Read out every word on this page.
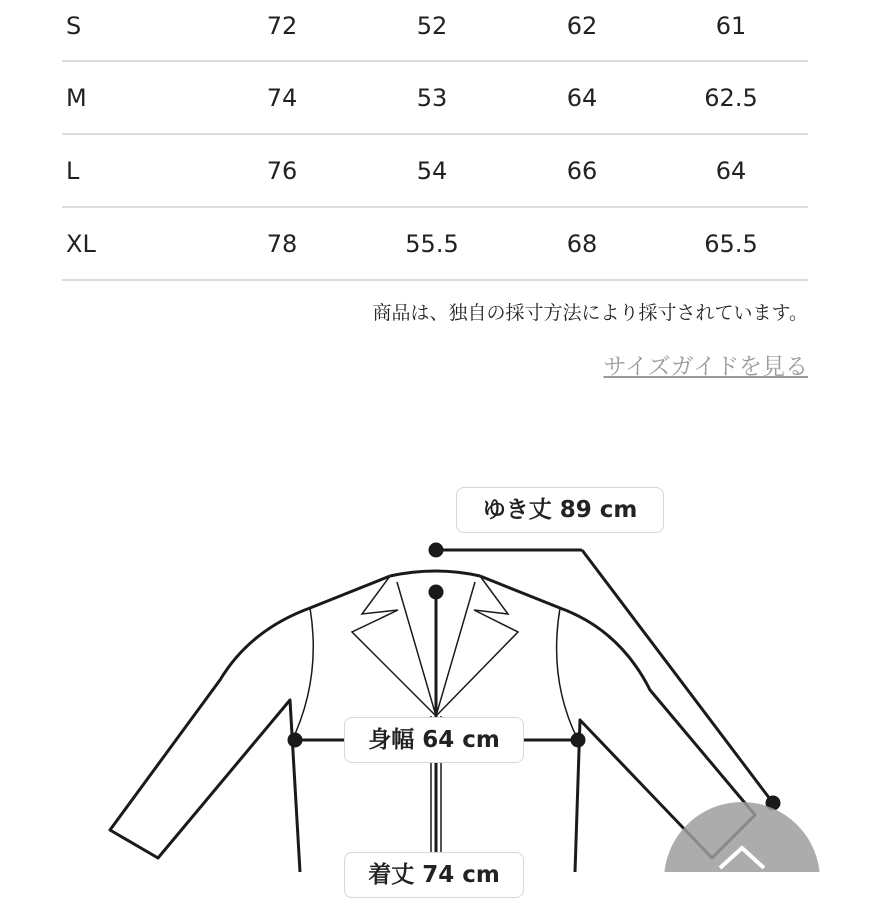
S	72	52	62	61
M	74	53	64	62.5
L	76	54	66	64
XL	78	55.5	68	65.5
商品は、独自の採寸方法により採寸されています。
サイズガイドを見る
ゆき丈 89 cm
身幅 64 cm
着丈 74 cm
